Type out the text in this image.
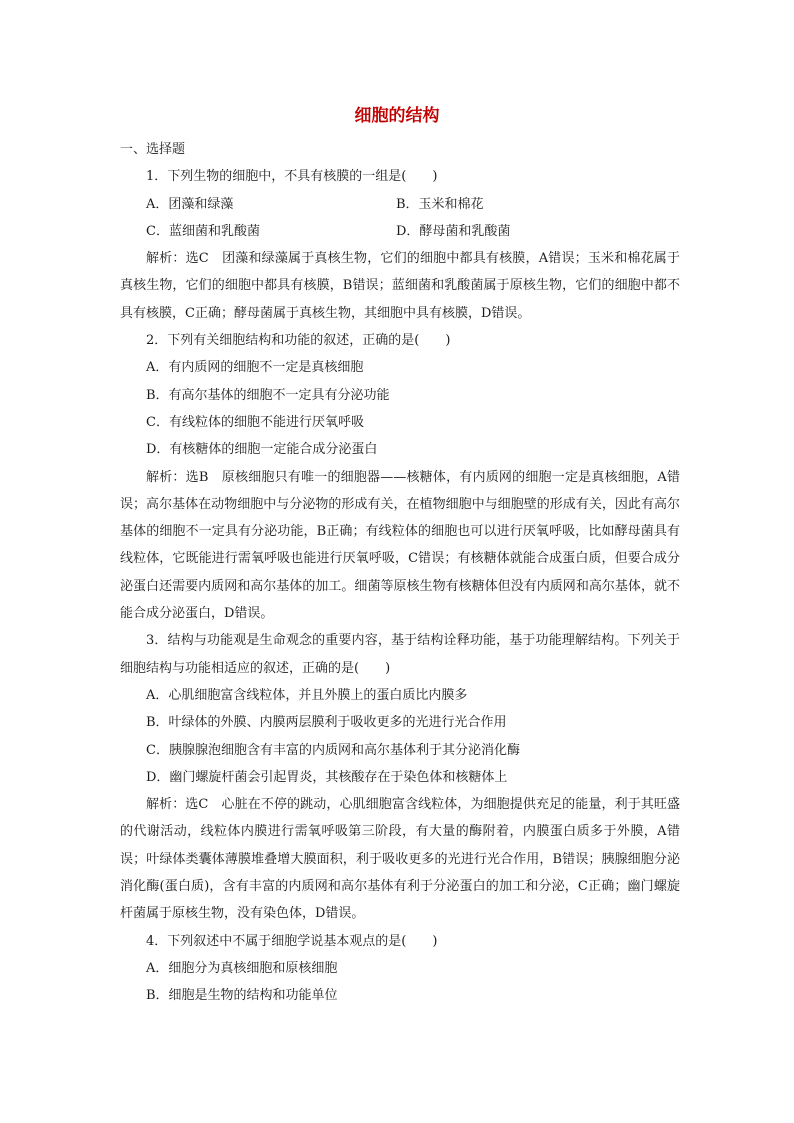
细胞的结构
一、选择题
1．下列生物的细胞中，不具有核膜的一组是(　　)
A．团藻和绿藻	B．玉米和棉花
C．蓝细菌和乳酸菌	D．酵母菌和乳酸菌

解析：选C　团藻和绿藻属于真核生物，它们的细胞中都具有核膜，A错误；玉米和棉花属于真核生物，它们的细胞中都具有核膜，B错误；蓝细菌和乳酸菌属于原核生物，它们的细胞中都不具有核膜，C正确；酵母菌属于真核生物，其细胞中具有核膜，D错误。

2．下列有关细胞结构和功能的叙述，正确的是(　　)
A．有内质网的细胞不一定是真核细胞
B．有高尔基体的细胞不一定具有分泌功能
C．有线粒体的细胞不能进行厌氧呼吸
D．有核糖体的细胞一定能合成分泌蛋白

解析：选B　原核细胞只有唯一的细胞器——核糖体，有内质网的细胞一定是真核细胞，A错误；高尔基体在动物细胞中与分泌物的形成有关，在植物细胞中与细胞壁的形成有关，因此有高尔基体的细胞不一定具有分泌功能，B正确；有线粒体的细胞也可以进行厌氧呼吸，比如酵母菌具有线粒体，它既能进行需氧呼吸也能进行厌氧呼吸，C错误；有核糖体就能合成蛋白质，但要合成分泌蛋白还需要内质网和高尔基体的加工。细菌等原核生物有核糖体但没有内质网和高尔基体，就不能合成分泌蛋白，D错误。

3．结构与功能观是生命观念的重要内容，基于结构诠释功能，基于功能理解结构。下列关于细胞结构与功能相适应的叙述，正确的是(　　)

A．心肌细胞富含线粒体，并且外膜上的蛋白质比内膜多
B．叶绿体的外膜、内膜两层膜利于吸收更多的光进行光合作用
C．胰腺腺泡细胞含有丰富的内质网和高尔基体利于其分泌消化酶
D．幽门螺旋杆菌会引起胃炎，其核酸存在于染色体和核糖体上

解析：选C　心脏在不停的跳动，心肌细胞富含线粒体，为细胞提供充足的能量，利于其旺盛的代谢活动，线粒体内膜进行需氧呼吸第三阶段，有大量的酶附着，内膜蛋白质多于外膜，A错误；叶绿体类囊体薄膜堆叠增大膜面积，利于吸收更多的光进行光合作用，B错误；胰腺细胞分泌消化酶(蛋白质)，含有丰富的内质网和高尔基体有利于分泌蛋白的加工和分泌，C正确；幽门螺旋杆菌属于原核生物，没有染色体，D错误。

4．下列叙述中不属于细胞学说基本观点的是(　　)
A．细胞分为真核细胞和原核细胞
B．细胞是生物的结构和功能单位
